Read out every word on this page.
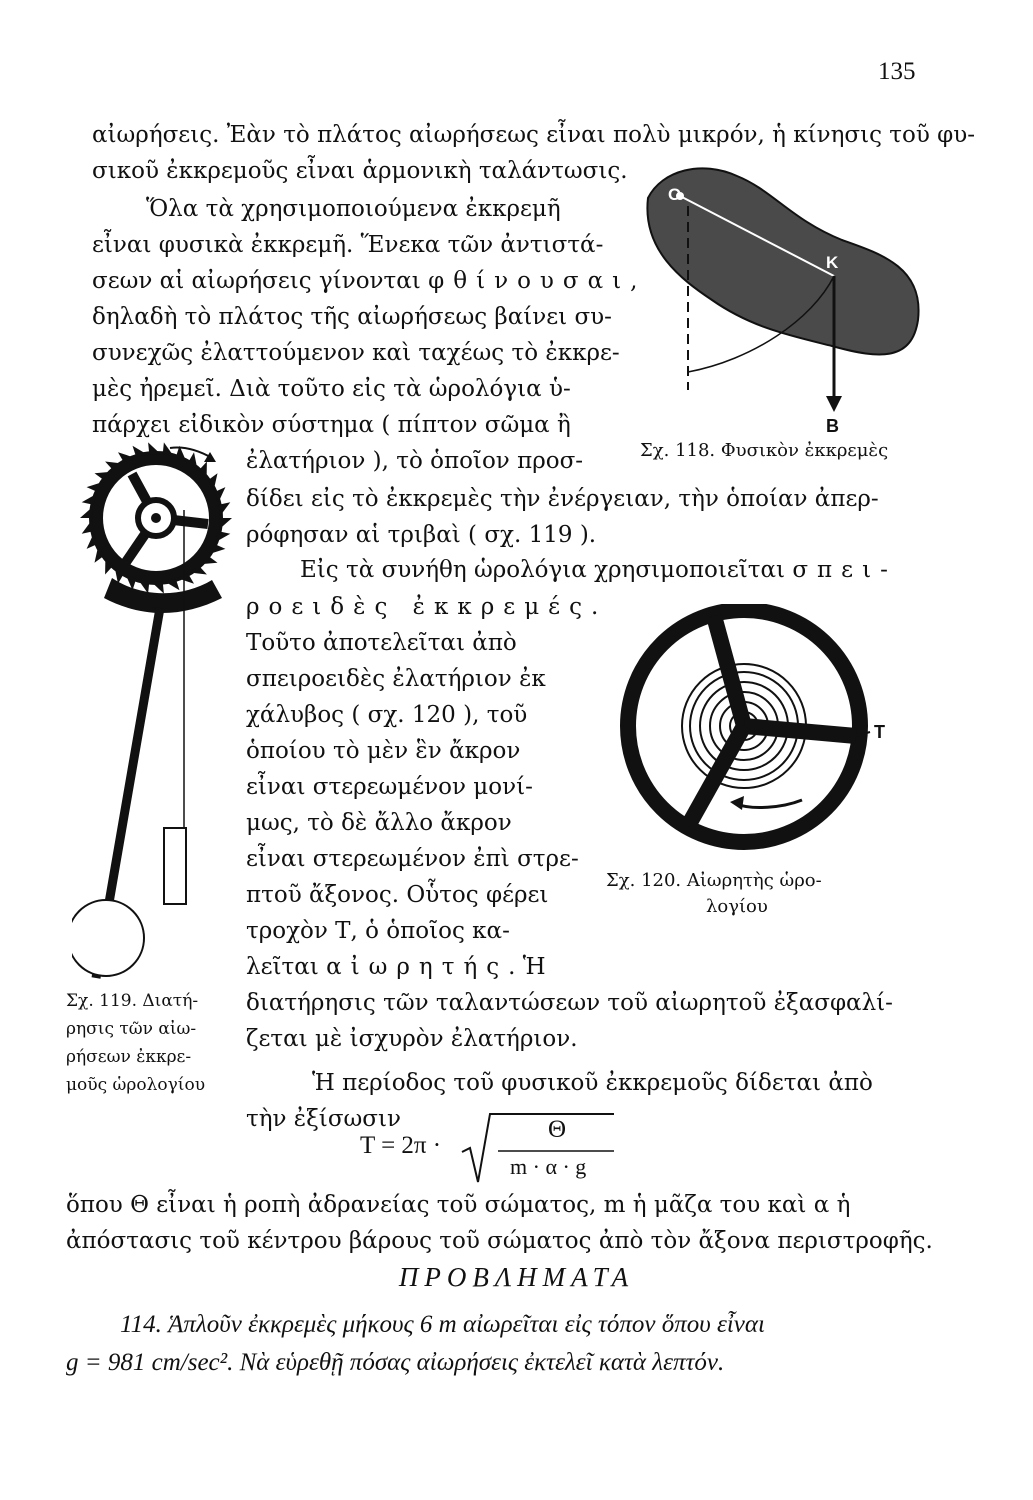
135
αἰωρήσεις. Ἐὰν τὸ πλάτος αἰωρήσεως εἶναι πολὺ μικρόν, ἡ κίνησις τοῦ φυ-
σικοῦ ἐκκρεμοῦς εἶναι ἁρμονικὴ ταλάντωσις.
Ὅλα τὰ χρησιμοποιούμενα ἐκκρεμῆ
εἶναι φυσικὰ ἐκκρεμῆ. Ἕνεκα τῶν ἀντιστά-
σεων αἱ αἰωρήσεις γίνονται φθίνουσαι,
δηλαδὴ τὸ πλάτος τῆς αἰωρήσεως βαίνει συ-
συνεχῶς ἐλαττούμενον καὶ ταχέως τὸ ἐκκρε-
μὲς ἠρεμεῖ. Διὰ τοῦτο εἰς τὰ ὡρολόγια ὑ-
πάρχει εἰδικὸν σύστημα ( πίπτον σῶμα ἢ
ἐλατήριον ), τὸ ὁποῖον προσ-
δίδει εἰς τὸ ἐκκρεμὲς τὴν ἐνέργειαν, τὴν ὁποίαν ἀπερ-
ρόφησαν αἱ τριβαὶ ( σχ. 119 ).
Εἰς τὰ συνήθη ὡρολόγια χρησιμοποιεῖται σπει-
ροειδὲς ἐκκρεμές.
Τοῦτο ἀποτελεῖται ἀπὸ
σπειροειδὲς ἐλατήριον ἐκ
χάλυβος ( σχ. 120 ), τοῦ
ὁποίου τὸ μὲν ἓν ἄκρον
εἶναι στερεωμένον μονί-
μως, τὸ δὲ ἄλλο ἄκρον
εἶναι στερεωμένον ἐπὶ στρε-
πτοῦ ἄξονος. Οὗτος φέρει
τροχὸν Τ, ὁ ὁποῖος κα-
λεῖται αἰωρητής. Ἡ
διατήρησις τῶν ταλαντώσεων τοῦ αἰωρητοῦ ἐξασφαλί-
ζεται μὲ ἰσχυρὸν ἐλατήριον.
Ἡ περίοδος τοῦ φυσικοῦ ἐκκρεμοῦς δίδεται ἀπὸ
τὴν ἐξίσωσιν
T = 2π ·
Θ
m · α · g
ὅπου Θ εἶναι ἡ ροπὴ ἀδρανείας τοῦ σώματος, m ἡ μᾶζα του καὶ α ἡ
ἀπόστασις τοῦ κέντρου βάρους τοῦ σώματος ἀπὸ τὸν ἄξονα περιστροφῆς.
ΠΡΟΒΛΗΜΑΤΑ
114. Ἁπλοῦν ἐκκρεμὲς μήκους 6 m αἰωρεῖται εἰς τόπον ὅπου εἶναι
g = 981 cm/sec². Νὰ εὑρεθῇ πόσας αἰωρήσεις ἐκτελεῖ κατὰ λεπτόν.
O
K
B
Σχ. 118. Φυσικὸν ἐκκρεμὲς
Σχ. 119. Διατή-
ρησις τῶν αἰω-
ρήσεων ἐκκρε-
μοῦς ὡρολογίου
T
Σχ. 120. Αἰωρητὴς ὡρο-
λογίου
